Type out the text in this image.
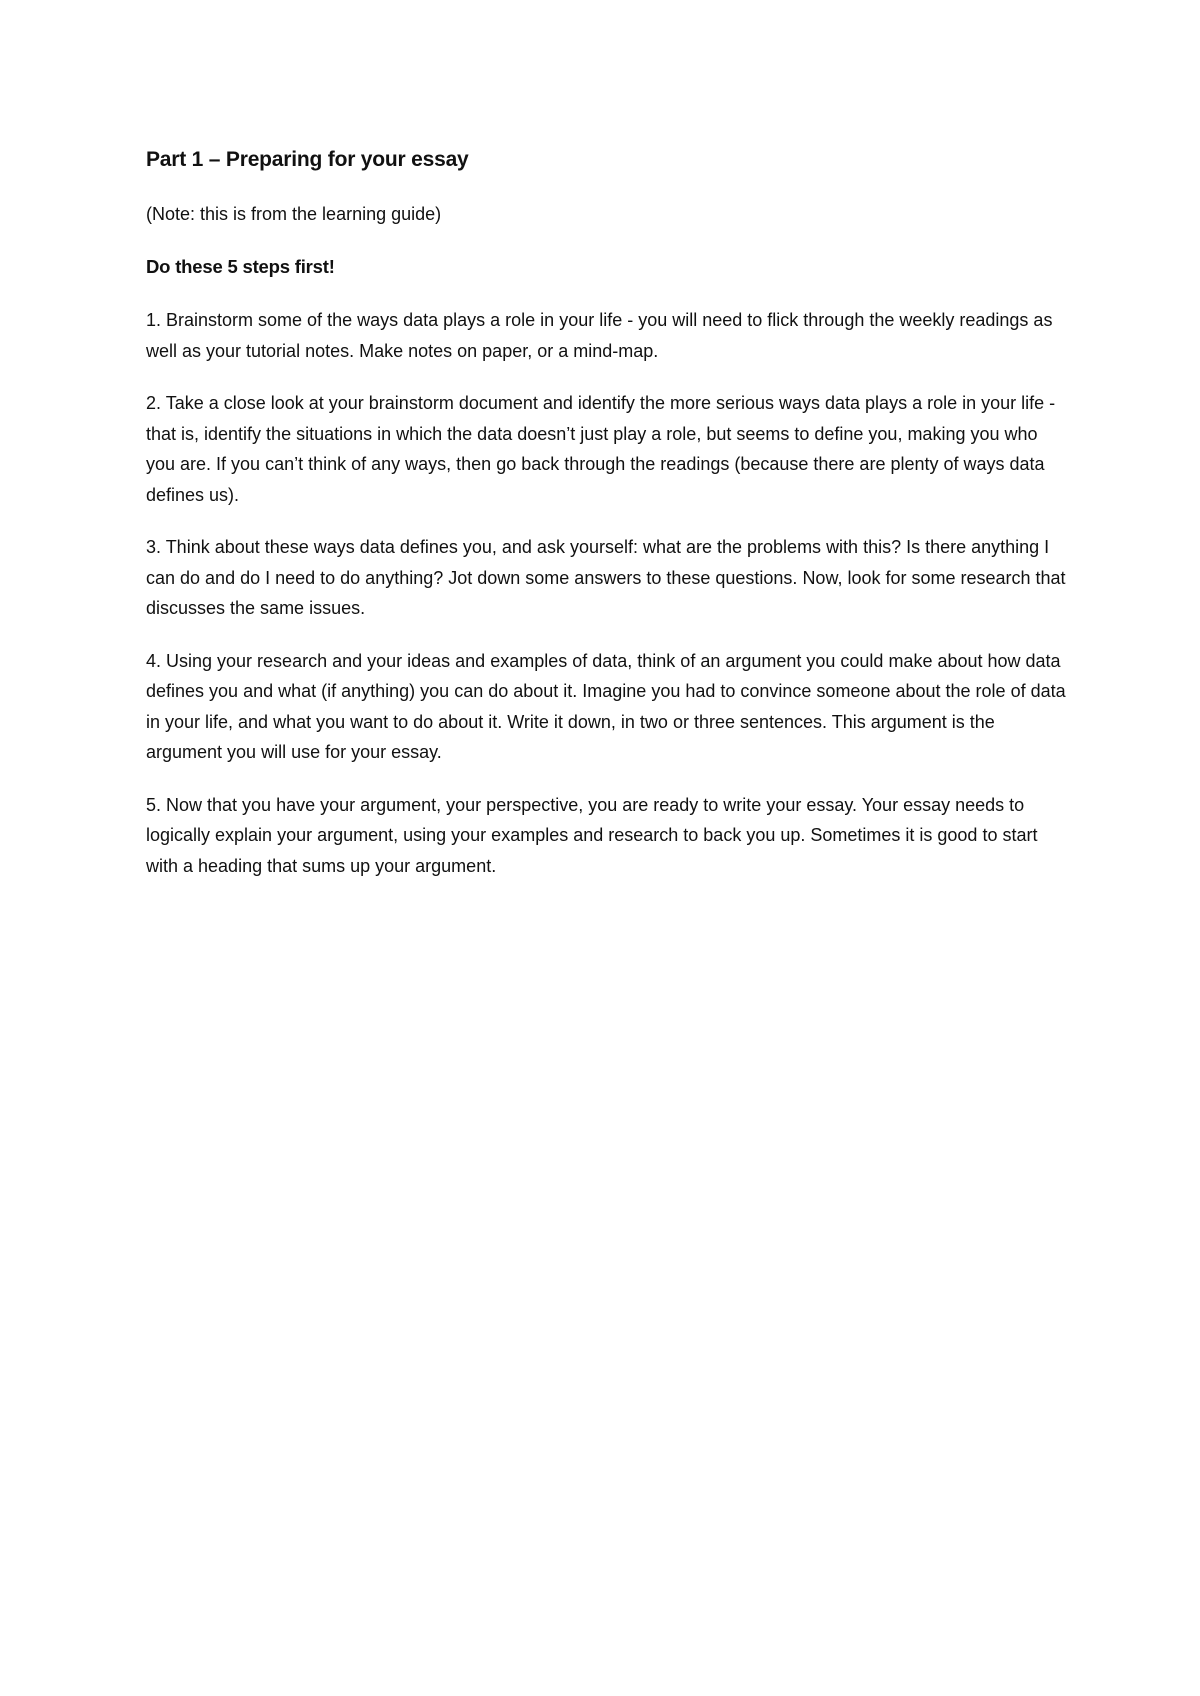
Part 1 – Preparing for your essay

(Note: this is from the learning guide)

Do these 5 steps first!

1. Brainstorm some of the ways data plays a role in your life - you will need to flick through the weekly readings as well as your tutorial notes. Make notes on paper, or a mind-map.

2. Take a close look at your brainstorm document and identify the more serious ways data plays a role in your life - that is, identify the situations in which the data doesn’t just play a role, but seems to define you, making you who you are. If you can’t think of any ways, then go back through the readings (because there are plenty of ways data defines us).

3. Think about these ways data defines you, and ask yourself: what are the problems with this? Is there anything I can do and do I need to do anything? Jot down some answers to these questions. Now, look for some research that discusses the same issues.

4. Using your research and your ideas and examples of data, think of an argument you could make about how data defines you and what (if anything) you can do about it. Imagine you had to convince someone about the role of data in your life, and what you want to do about it. Write it down, in two or three sentences. This argument is the argument you will use for your essay.

5. Now that you have your argument, your perspective, you are ready to write your essay. Your essay needs to logically explain your argument, using your examples and research to back you up. Sometimes it is good to start with a heading that sums up your argument.
